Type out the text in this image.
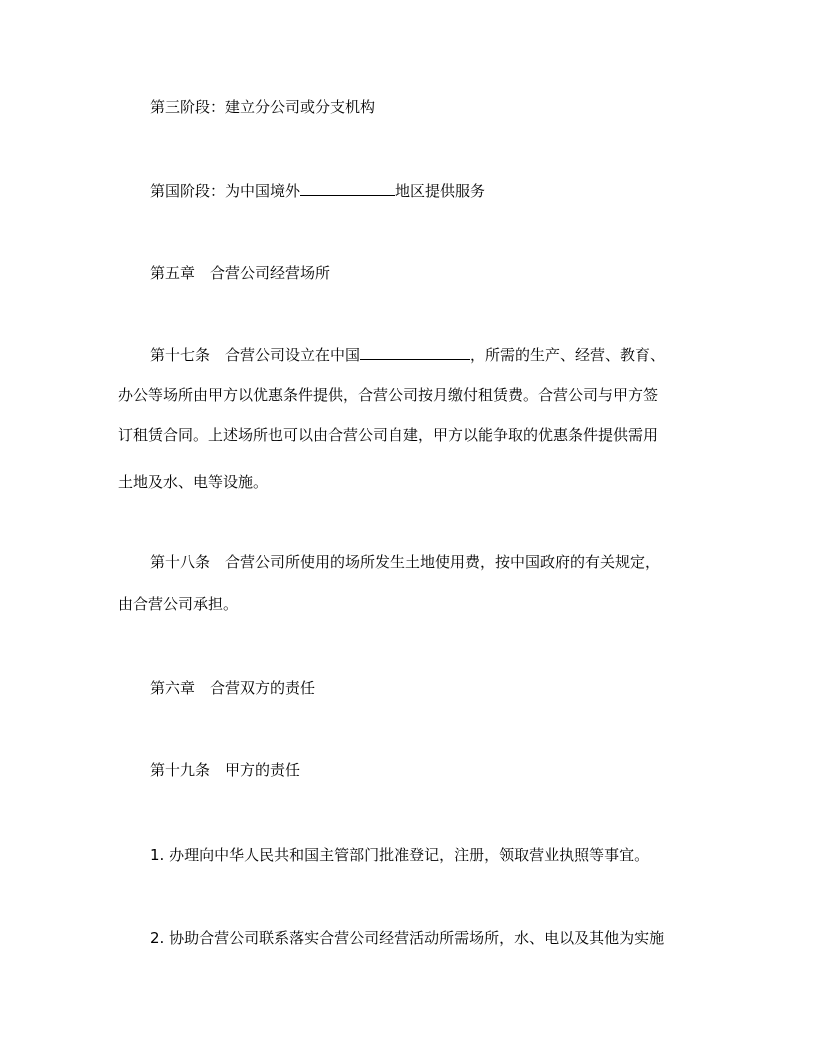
第三阶段：建立分公司或分支机构
第国阶段：为中国境外	地区提供服务
第五章　合营公司经营场所
第十七条　合营公司设立在中国	，所需的生产、经营、教育、
办公等场所由甲方以优惠条件提供，合营公司按月缴付租赁费。合营公司与甲方签
订租赁合同。上述场所也可以由合营公司自建，甲方以能争取的优惠条件提供需用
土地及水、电等设施。
第十八条　合营公司所使用的场所发生土地使用费，按中国政府的有关规定，
由合营公司承担。
第六章　合营双方的责任
第十九条　甲方的责任
1. 办理向中华人民共和国主管部门批准登记，注册，领取营业执照等事宜。
2. 协助合营公司联系落实合营公司经营活动所需场所，水、电以及其他为实施
